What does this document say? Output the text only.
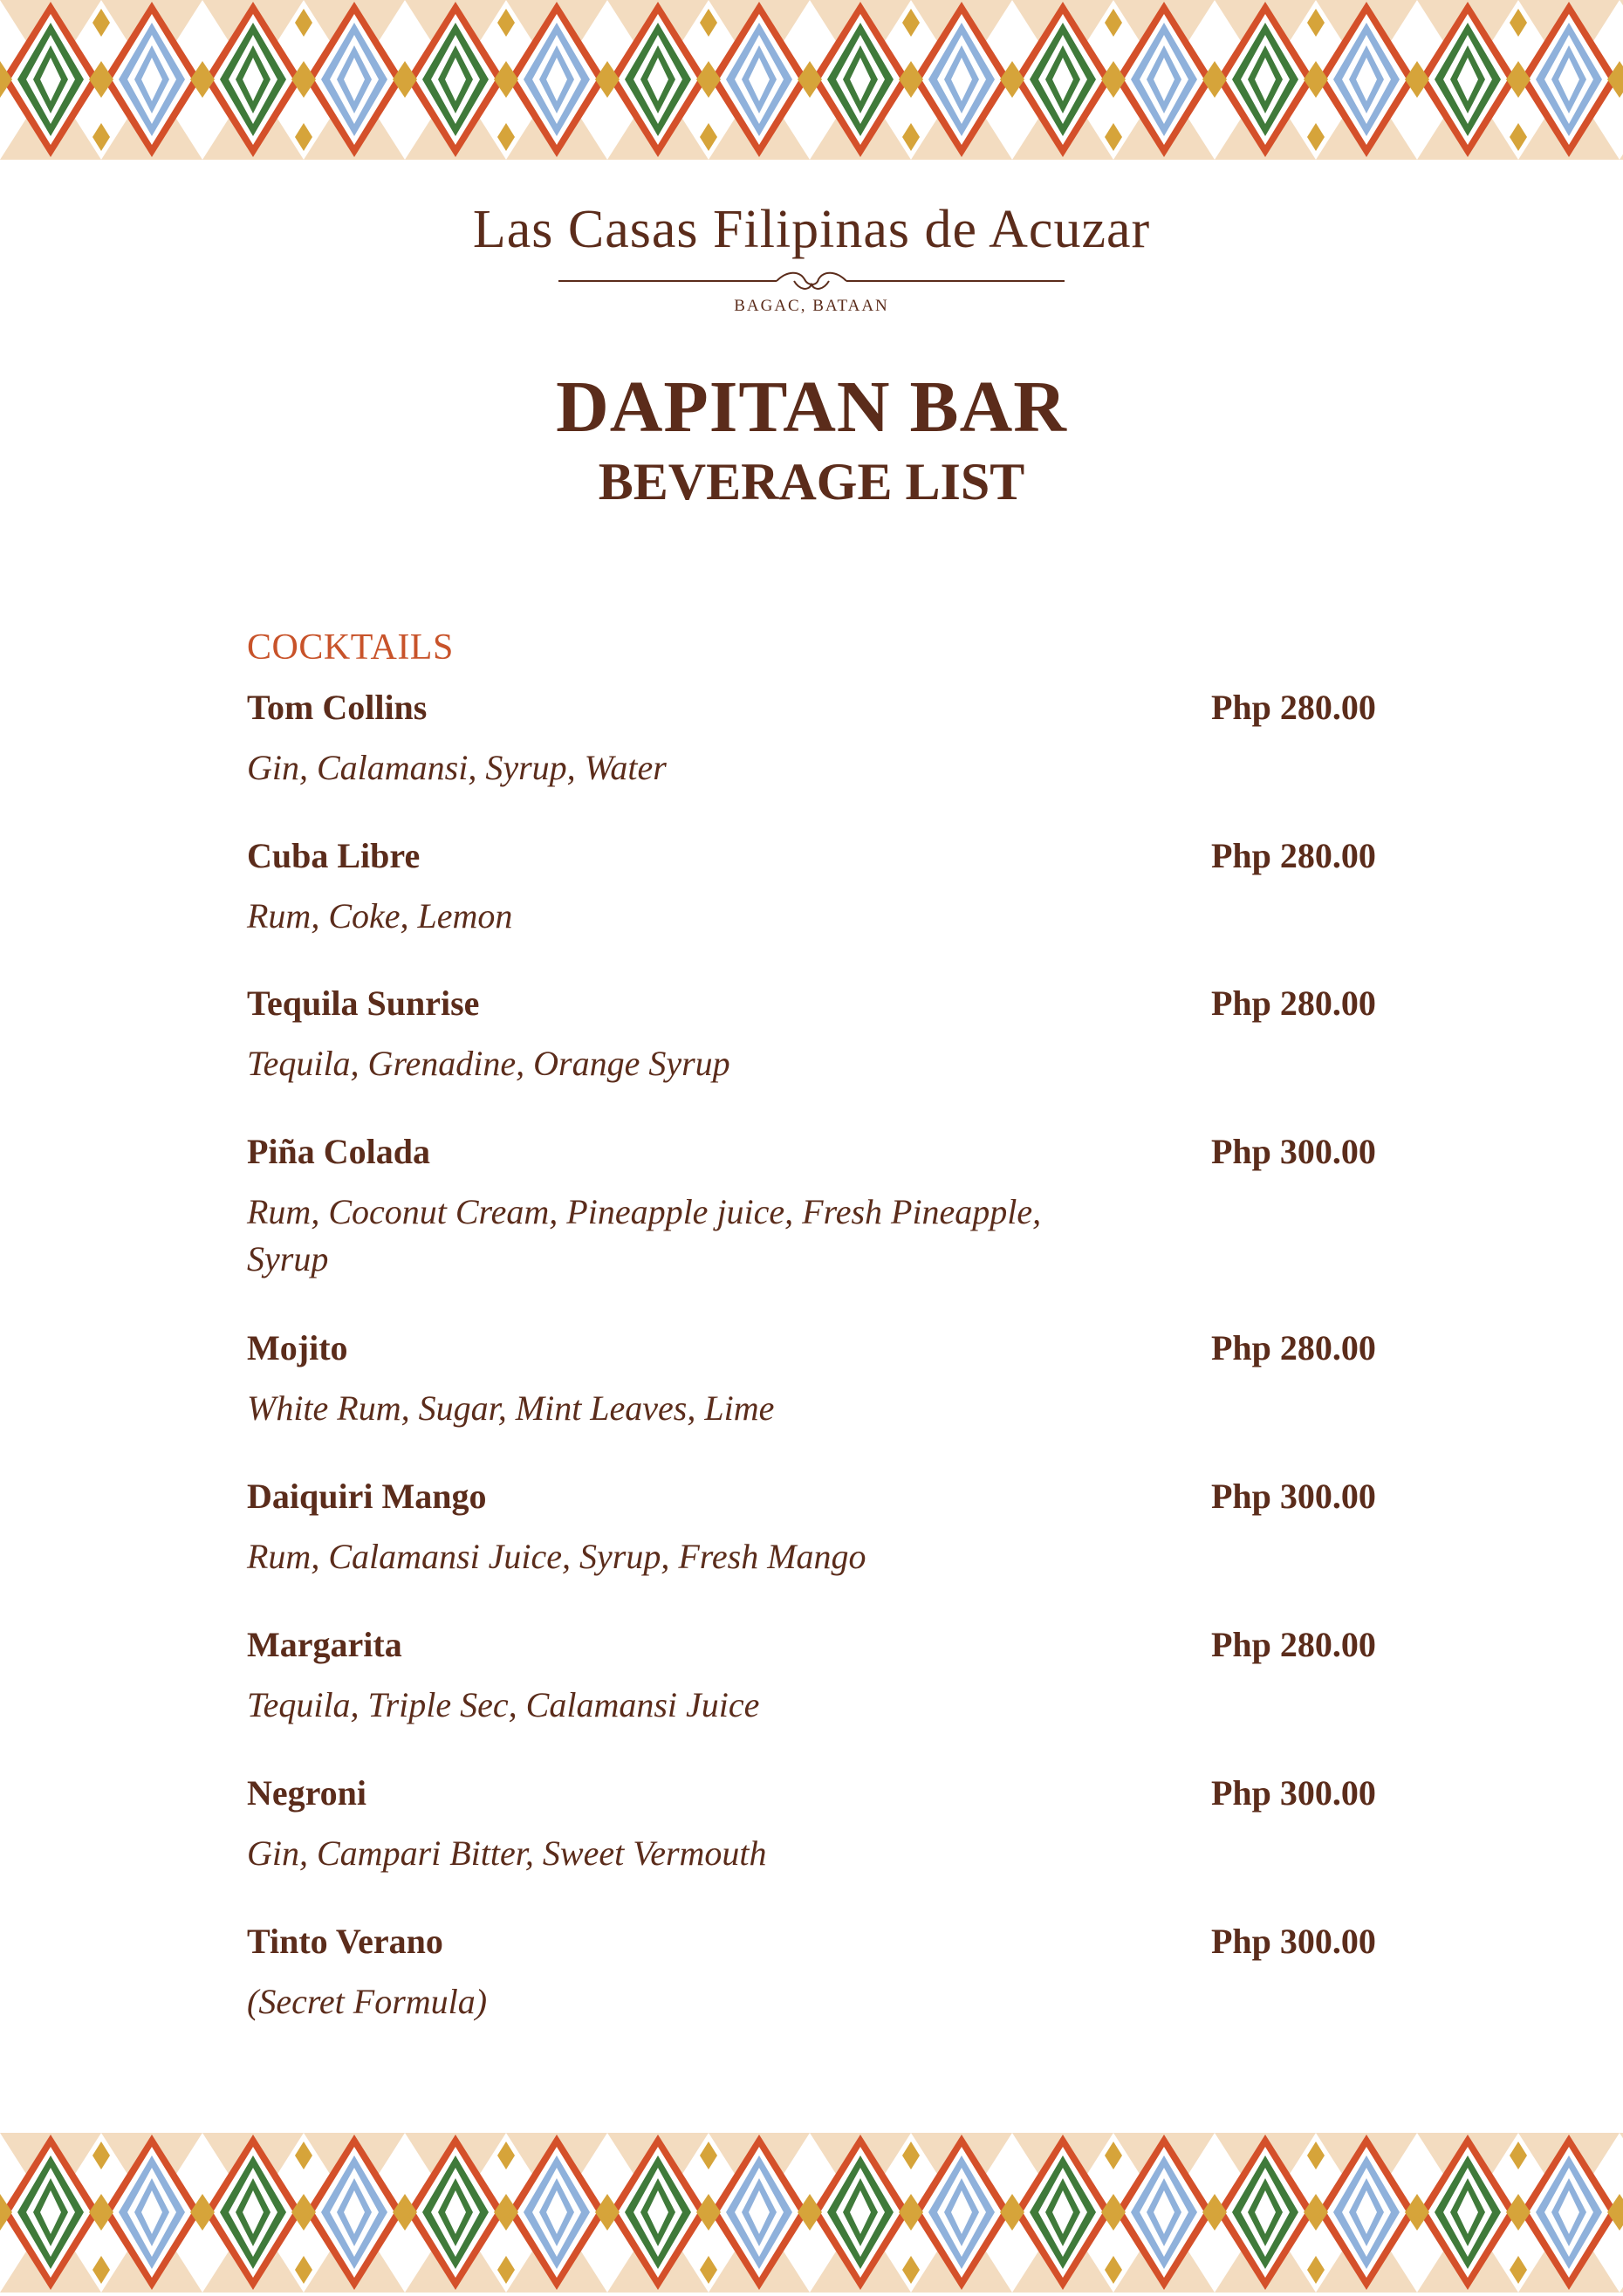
Las Casas Filipinas de Acuzar
BAGAC, BATAAN
DAPITAN BAR
BEVERAGE LIST
COCKTAILS
Tom Collins	Php 280.00
Gin, Calamansi, Syrup, Water
Cuba Libre	Php 280.00
Rum, Coke, Lemon
Tequila Sunrise	Php 280.00
Tequila, Grenadine, Orange Syrup
Piña Colada	Php 300.00
Rum, Coconut Cream, Pineapple juice, Fresh Pineapple, Syrup
Mojito	Php 280.00
White Rum, Sugar, Mint Leaves, Lime
Daiquiri Mango	Php 300.00
Rum, Calamansi Juice, Syrup, Fresh Mango
Margarita	Php 280.00
Tequila, Triple Sec, Calamansi Juice
Negroni	Php 300.00
Gin, Campari Bitter, Sweet Vermouth
Tinto Verano	Php 300.00
(Secret Formula)
